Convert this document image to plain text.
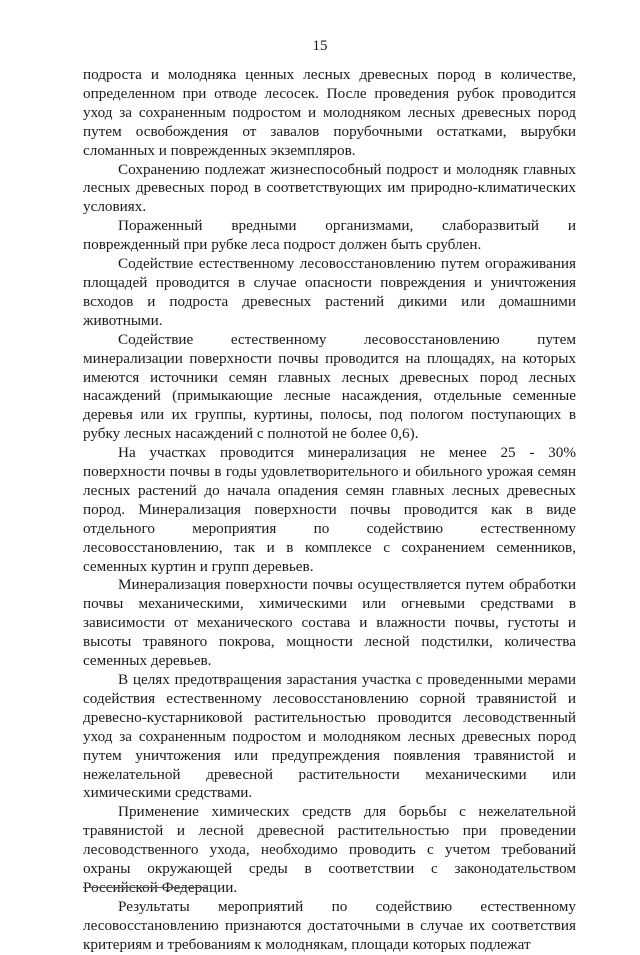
15

подроста и молодняка ценных лесных древесных пород в количестве, определенном при отводе лесосек. После проведения рубок проводится уход за сохраненным подростом и молодняком лесных древесных пород путем освобождения от завалов порубочными остатками, вырубки сломанных и поврежденных экземпляров.

Сохранению подлежат жизнеспособный подрост и молодняк главных лесных древесных пород в соответствующих им природно-климатических условиях.

Пораженный вредными организмами, слаборазвитый и поврежденный при рубке леса подрост должен быть срублен.

Содействие естественному лесовосстановлению путем огораживания площадей проводится в случае опасности повреждения и уничтожения всходов и подроста древесных растений дикими или домашними животными.

Содействие естественному лесовосстановлению путем минерализации поверхности почвы проводится на площадях, на которых имеются источники семян главных лесных древесных пород лесных насаждений (примыкающие лесные насаждения, отдельные семенные деревья или их группы, куртины, полосы, под пологом поступающих в рубку лесных насаждений с полнотой не более 0,6).

На участках проводится минерализация не менее 25 - 30% поверхности почвы в годы удовлетворительного и обильного урожая семян лесных растений до начала опадения семян главных лесных древесных пород. Минерализация поверхности почвы проводится как в виде отдельного мероприятия по содействию естественному лесовосстановлению, так и в комплексе с сохранением семенников, семенных куртин и групп деревьев.

Минерализация поверхности почвы осуществляется путем обработки почвы механическими, химическими или огневыми средствами в зависимости от механического состава и влажности почвы, густоты и высоты травяного покрова, мощности лесной подстилки, количества семенных деревьев.

В целях предотвращения зарастания участка с проведенными мерами содействия естественному лесовосстановлению сорной травянистой и древесно-кустарниковой растительностью проводится лесоводственный уход за сохраненным подростом и молодняком лесных древесных пород путем уничтожения или предупреждения появления травянистой и нежелательной древесной растительности механическими или химическими средствами.

Применение химических средств для борьбы с нежелательной травянистой и лесной древесной растительностью при проведении лесоводственного ухода, необходимо проводить с учетом требований охраны окружающей среды в соответствии с законодательством Российской Федерации.

Результаты мероприятий по содействию естественному лесовосстановлению признаются достаточными в случае их соответствия критериям и требованиям к молоднякам, площади которых подлежат
